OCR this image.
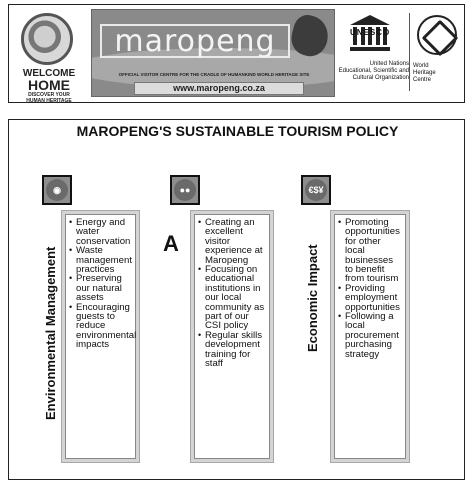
WELCOME
HOME
DISCOVER YOUR
HUMAN HERITAGE
maropeng
OFFICIAL VISITOR CENTRE FOR THE CRADLE OF HUMANKIND WORLD HERITAGE SITE
www.maropeng.co.za
UNESCO
United Nations
Educational, Scientific and
Cultural Organization
World
Heritage
Centre
MAROPENG'S SUSTAINABLE TOURISM POLICY
◉
Environmental Management
• Energy and water conservation
• Waste management practices
• Preserving our natural assets
• Encouraging guests to reduce environmental impacts
●●
A
• Creating an excellent visitor experience at Maropeng
• Focusing on educational institutions in our local community as part of our CSI policy
• Regular skills development training for staff
€$¥
Economic Impact
• Promoting opportunities for other local businesses to benefit from tourism
• Providing employment opportunities
• Following a local procurement purchasing strategy
